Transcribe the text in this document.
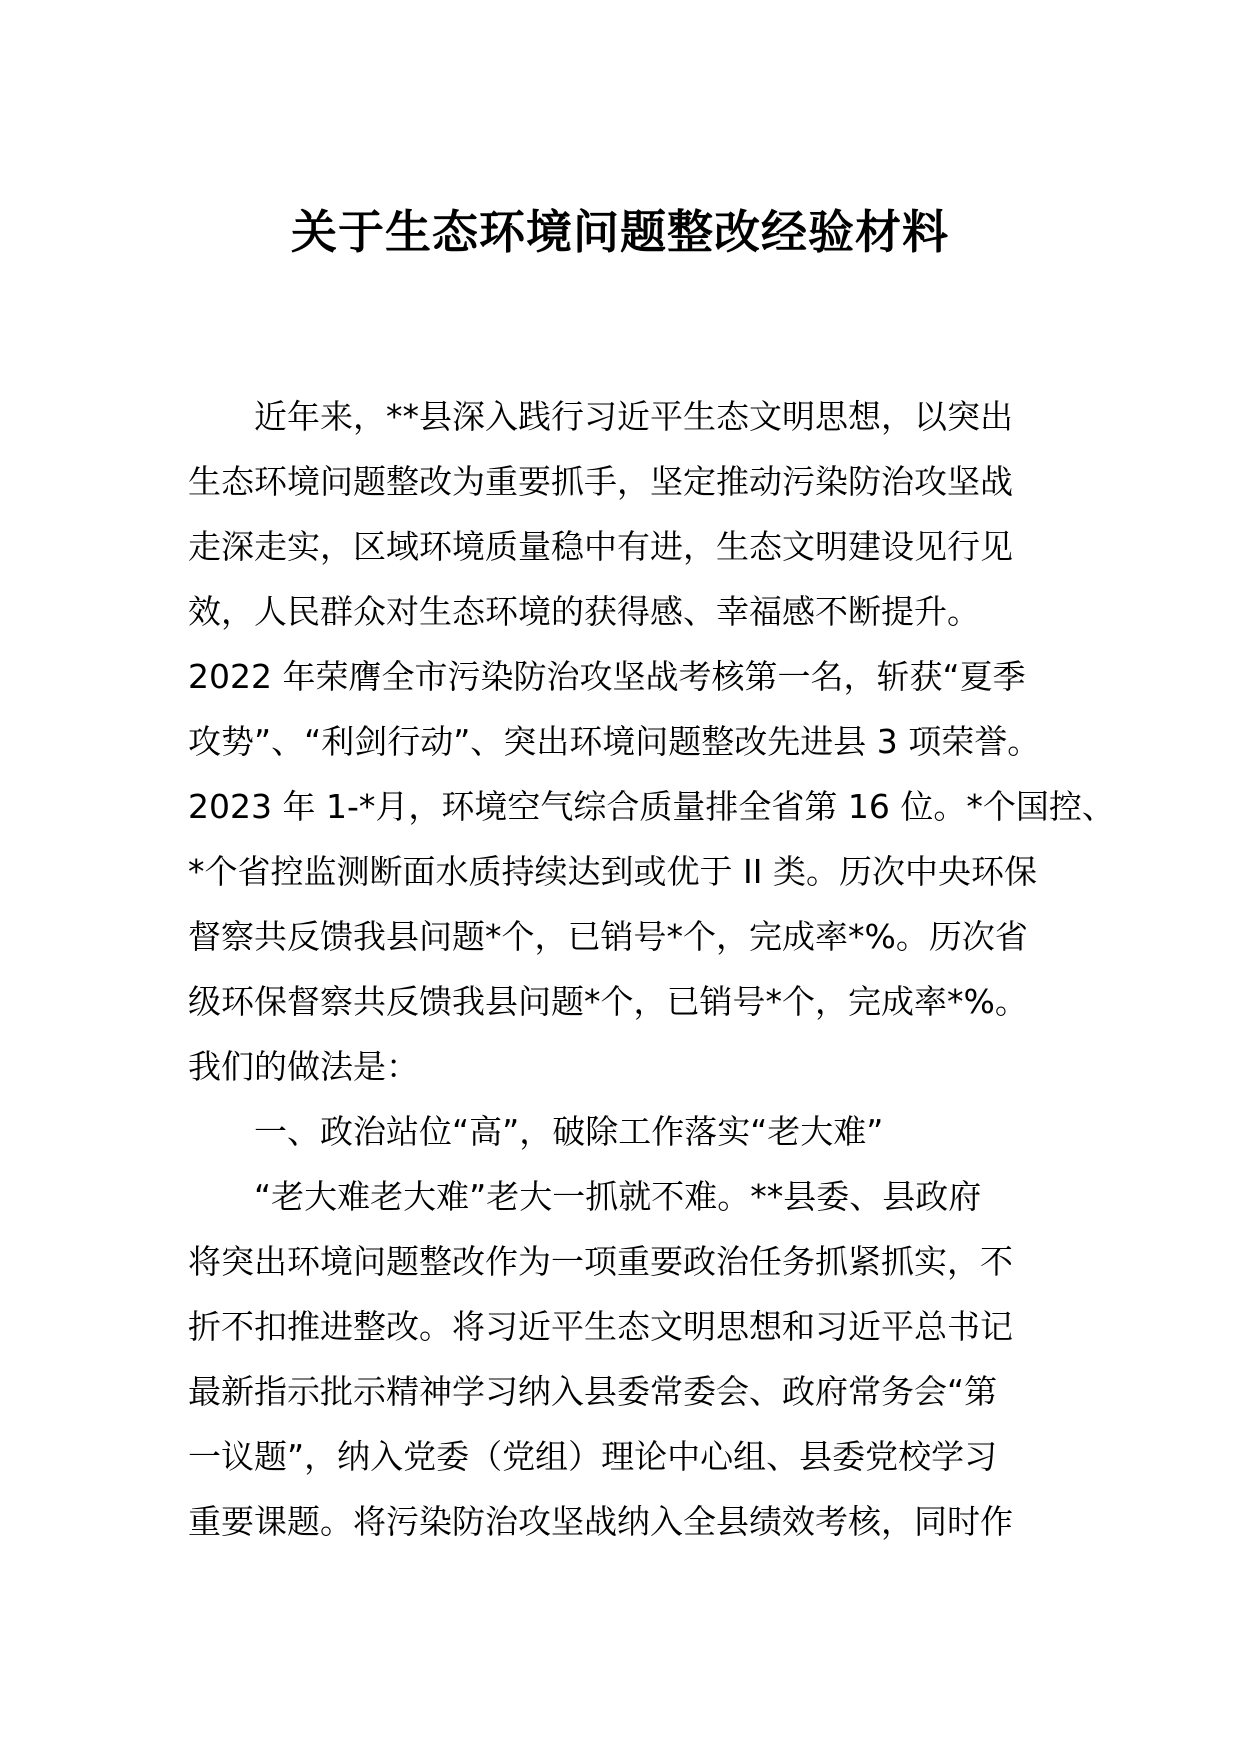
关于生态环境问题整改经验材料
近年来，**县深入践行习近平生态文明思想，以突出
生态环境问题整改为重要抓手，坚定推动污染防治攻坚战
走深走实，区域环境质量稳中有进，生态文明建设见行见
效，人民群众对生态环境的获得感、幸福感不断提升。
2022 年荣膺全市污染防治攻坚战考核第一名，斩获“夏季
攻势”、“利剑行动”、突出环境问题整改先进县 3 项荣誉。
2023 年 1-*月，环境空气综合质量排全省第 16 位。*个国控、
*个省控监测断面水质持续达到或优于 II 类。历次中央环保
督察共反馈我县问题*个，已销号*个，完成率*%。历次省
级环保督察共反馈我县问题*个，已销号*个，完成率*%。
我们的做法是：
一、政治站位“高”，破除工作落实“老大难”
“老大难老大难”老大一抓就不难。**县委、县政府
将突出环境问题整改作为一项重要政治任务抓紧抓实，不
折不扣推进整改。将习近平生态文明思想和习近平总书记
最新指示批示精神学习纳入县委常委会、政府常务会“第
一议题”，纳入党委（党组）理论中心组、县委党校学习
重要课题。将污染防治攻坚战纳入全县绩效考核，同时作
